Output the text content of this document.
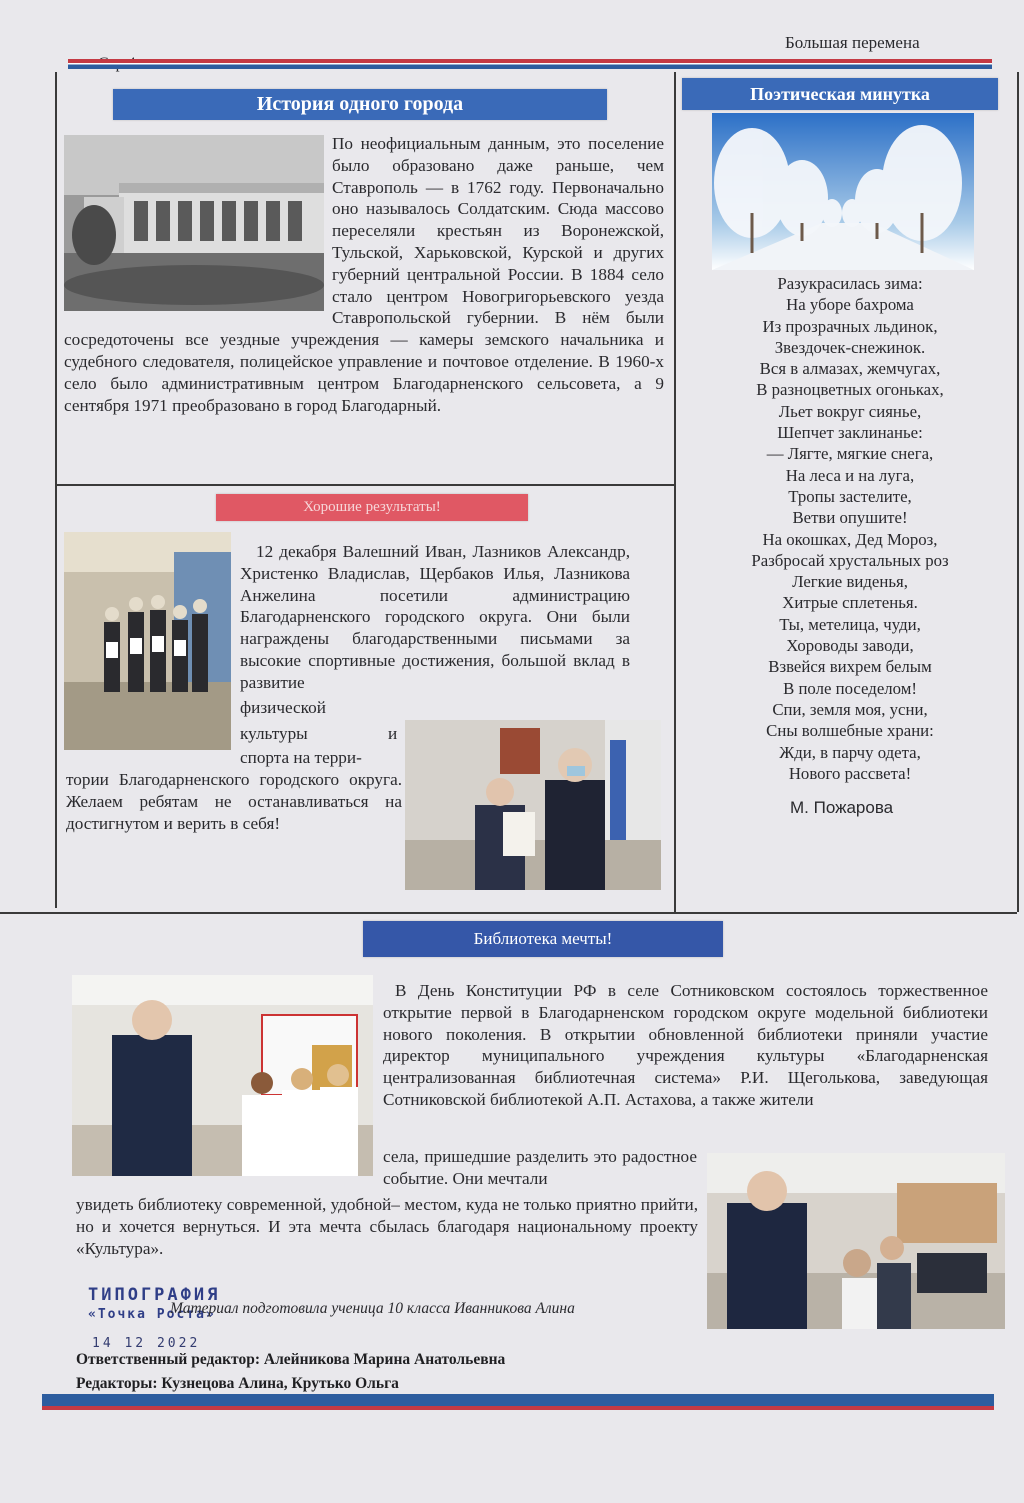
Большая перемена
История одного города

По неофициальным данным, это поселение было образовано даже раньше, чем Ставрополь — в 1762 году. Первоначально оно называлось Солдатским. Сюда массово переселяли крестьян из Воронежской, Тульской, Харьковской, Курской и других губерний центральной России. В 1884 село стало центром Новогригорьевского уезда Ставропольской губернии. В нём были сосредоточены все уездные учреждения — камеры земского начальника и судебного следователя, полицейское управление и почтовое отделение. В 1960-х село было административным центром Благодарненского сельсовета, а 9 сентября 1971 преобразовано в город Благодарный.

Хорошие результаты!

12 декабря Валешний Иван, Лазников Александр, Христенко Владислав, Щербаков Илья, Лазникова Анжелина посетили администрацию Благодарненского городского округа. Они были награждены благодарственными письмами за высокие спортивные достижения, большой вклад в развитие

физической
культуры	и
спорта на терри-

тории Благодарненского городского округа. Желаем ребятам не останавливаться на достигнутом и верить в себя!

Поэтическая минутка
Разукрасилась зима:
На уборе бахрома
Из прозрачных льдинок,
Звездочек-снежинок.
Вся в алмазах, жемчугах,
В разноцветных огоньках,
Льет вокруг сиянье,
Шепчет заклинанье:
— Лягте, мягкие снега,
На леса и на луга,
Тропы застелите,
Ветви опушите!
На окошках, Дед Мороз,
Разбросай хрустальных роз
Легкие виденья,
Хитрые сплетенья.
Ты, метелица, чуди,
Хороводы заводи,
Взвейся вихрем белым
В поле поседелом!
Спи, земля моя, усни,
Сны волшебные храни:
Жди, в парчу одета,
Нового рассвета!
М. Пожарова
Библиотека мечты!

В День Конституции РФ в селе Сотниковском состоялось торжественное открытие первой в Благодарненском городском округе модельной библиотеки нового поколения. В открытии обновленной библиотеки приняли участие директор муниципального учреждения культуры «Благодарненская централизованная библиотечная система» Р.И. Щеголькова, заведующая Сотниковской библиотекой А.П. Астахова, а также жители

села, пришедшие разделить это радостное событие. Они мечтали

увидеть библиотеку современной, удобной– местом, куда не только приятно прийти, но и хочется вернуться. И эта мечта сбылась благодаря национальному проекту «Культура».

ТИПОГРАФИЯ
«Точка Роста»
14 12 2022
Материал подготовила ученица 10 класса Иванникова Алина
Ответственный редактор: Алейникова Марина Анатольевна
Редакторы: Кузнецова Алина, Крутько Ольга
